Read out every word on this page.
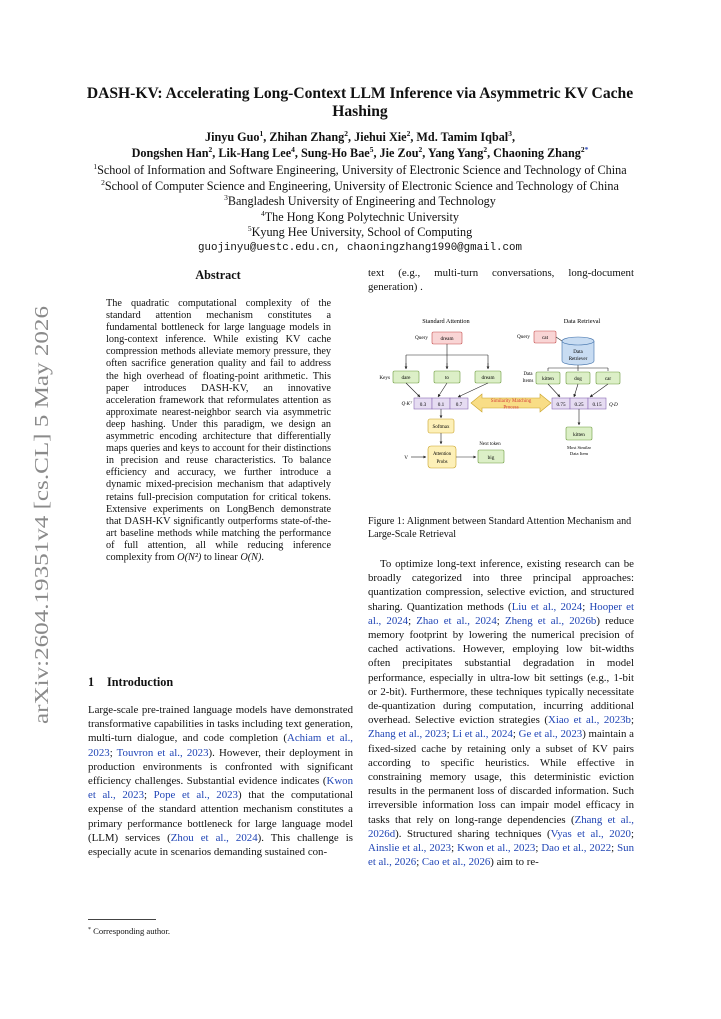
arXiv:2604.19351v4 [cs.CL] 5 May 2026
DASH-KV: Accelerating Long-Context LLM Inference via Asymmetric KV Cache Hashing
Jinyu Guo$^1$, Zhihan Zhang$^2$, Jiehui Xie$^2$, Md. Tamim Iqbal$^3$,
Dongshen Han$^2$, Lik-Hang Lee$^4$, Sung-Ho Bae$^5$, Jie Zou$^2$, Yang Yang$^2$, Chaoning Zhang$^{2*}$
$^1$School of Information and Software Engineering, University of Electronic Science and Technology of China
$^2$School of Computer Science and Engineering, University of Electronic Science and Technology of China
$^3$Bangladesh University of Engineering and Technology
$^4$The Hong Kong Polytechnic University
$^5$Kyung Hee University, School of Computing
guojinyu@uestc.edu.cn, chaoningzhang1990@gmail.com
Abstract
The quadratic computational complexity of the standard attention mechanism constitutes a fundamental bottleneck for large language models in long-context inference. While existing KV cache compression methods alleviate memory pressure, they often sacrifice generation quality and fail to address the high overhead of floating-point arithmetic. This paper introduces DASH-KV, an innovative acceleration framework that reformulates attention as approximate nearest-neighbor search via asymmetric deep hashing. Under this paradigm, we design an asymmetric encoding architecture that differentially maps queries and keys to account for their distinctions in precision and reuse characteristics. To balance efficiency and accuracy, we further introduce a dynamic mixed-precision mechanism that adaptively retains full-precision computation for critical tokens. Extensive experiments on LongBench demonstrate that DASH-KV significantly outperforms state-of-the-art baseline methods while matching the performance of full attention, all while reducing inference complexity from O(N²) to linear O(N).
1 Introduction
Large-scale pre-trained language models have demonstrated transformative capabilities in tasks including text generation, multi-turn dialogue, and code completion (Achiam et al., 2023; Touvron et al., 2023). However, their deployment in production environments is confronted with significant efficiency challenges. Substantial evidence indicates (Kwon et al., 2023; Pope et al., 2023) that the computational expense of the standard attention mechanism constitutes a primary performance bottleneck for large language model (LLM) services (Zhou et al., 2024). This challenge is especially acute in scenarios demanding sustained con-
* Corresponding author.
text (e.g., multi-turn conversations, long-document generation) .
Standard Attention	Data Retrieval
Query dream
Keys dare	to	dream
Q·Kᵀ 0.3 0.1 0.7
Softmax
V
Attention
Probs
Next token
big
Similarity Matching
Process
Query cat
Data
Retriever
Data
Items kitten	dog	car
0.75 0.25 0.15 Q·D
kitten
Most Similar
Data Item
Figure 1: Alignment between Standard Attention Mechanism and Large-Scale Retrieval

To optimize long-text inference, existing research can be broadly categorized into three principal approaches: quantization compression, selective eviction, and structured sharing. Quantization methods (Liu et al., 2024; Hooper et al., 2024; Zhao et al., 2024; Zheng et al., 2026b) reduce memory footprint by lowering the numerical precision of cached activations. However, employing low bit-widths often precipitates substantial degradation in model performance, especially in ultra-low bit settings (e.g., 1-bit or 2-bit). Furthermore, these techniques typically necessitate de-quantization during computation, incurring additional overhead. Selective eviction strategies (Xiao et al., 2023b; Zhang et al., 2023; Li et al., 2024; Ge et al., 2023) maintain a fixed-sized cache by retaining only a subset of KV pairs according to specific heuristics. While effective in constraining memory usage, this deterministic eviction results in the permanent loss of discarded information. Such irreversible information loss can impair model efficacy in tasks that rely on long-range dependencies (Zhang et al., 2026d). Structured sharing techniques (Vyas et al., 2020; Ainslie et al., 2023; Kwon et al., 2023; Dao et al., 2022; Sun et al., 2026; Cao et al., 2026) aim to re-
